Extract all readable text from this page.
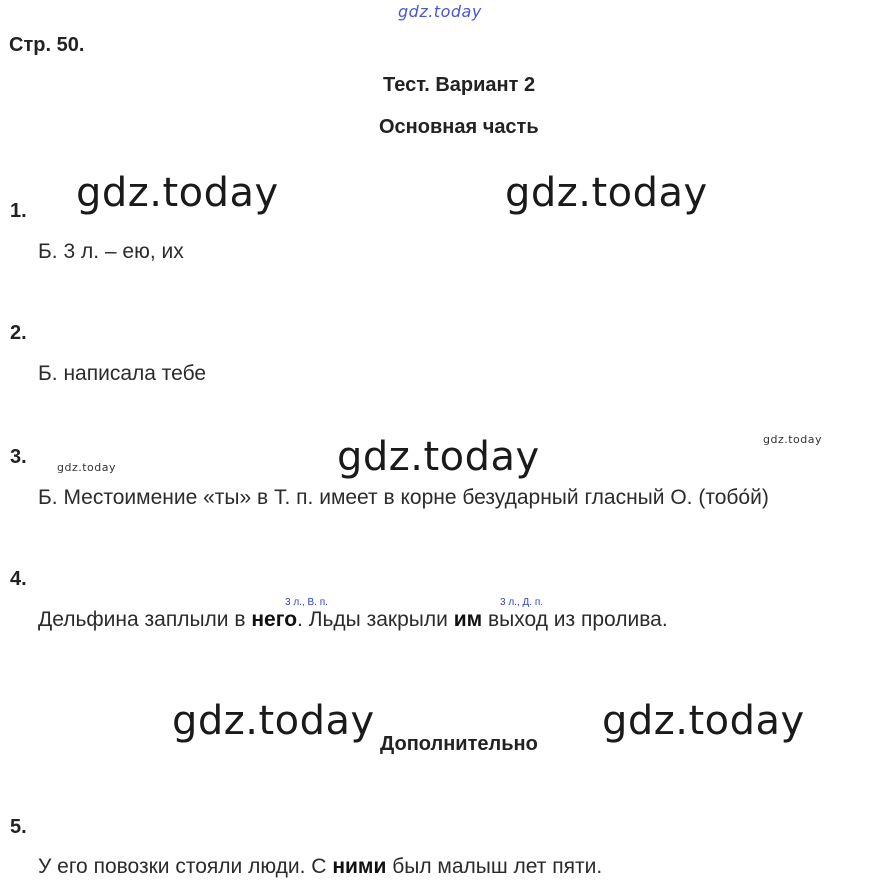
gdz.today
gdz.today	gdz.today
gdz.today
gdz.today
gdz.today
gdz.today	gdz.today
Стр. 50.
Тест. Вариант 2
Основная часть
1.
Б. 3 л. – ею, их
2.
Б. написала тебе
3.
Б. Местоимение «ты» в Т. п. имеет в корне безударный гласный О. (тобо́й)
4.
3 л., В. п.	3 л., Д. п.
Дельфина заплыли в него. Льды закрыли им выход из пролива.
Дополнительно
5.
У его повозки стояли люди. С ними был малыш лет пяти.
